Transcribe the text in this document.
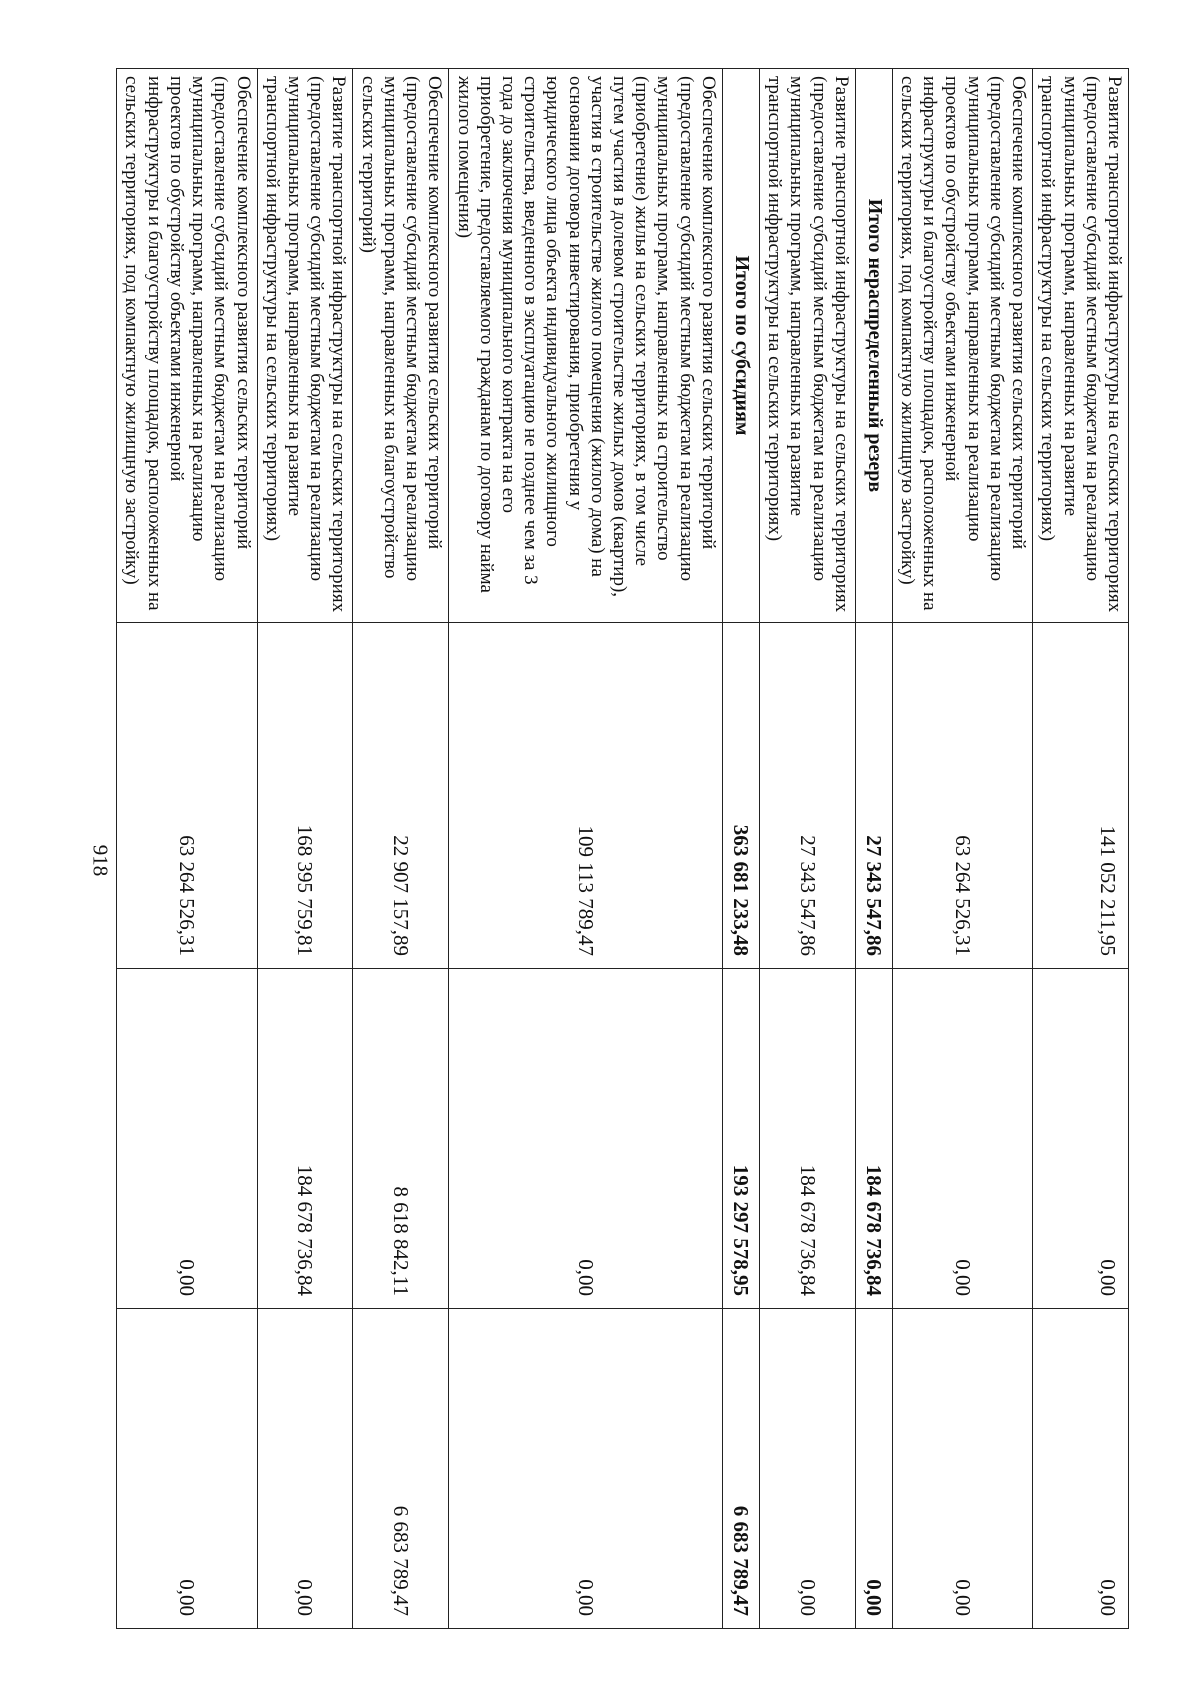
918
Развитие транспортной инфраструктуры на сельских территориях (предоставление субсидий местным бюджетам на реализацию муниципальных программ, направленных на развитие транспортной инфраструктуры на сельских территориях)	141 052 211,95	0,00	0,00
Обеспечение комплексного развития сельских территорий (предоставление субсидий местным бюджетам на реализацию муниципальных программ, направленных на реализацию проектов по обустройству объектами инженерной инфраструктуры и благоустройству площадок, расположенных на сельских территориях, под компактную жилищную застройку)	63 264 526,31	0,00	0,00
Итого нераспределенный резерв	27 343 547,86	184 678 736,84	0,00
Развитие транспортной инфраструктуры на сельских территориях (предоставление субсидий местным бюджетам на реализацию муниципальных программ, направленных на развитие транспортной инфраструктуры на сельских территориях)	27 343 547,86	184 678 736,84	0,00
Итого по субсидиям	363 681 233,48	193 297 578,95	6 683 789,47
Обеспечение комплексного развития сельских территорий (предоставление субсидий местным бюджетам на реализацию муниципальных программ, направленных на строительство (приобретение) жилья на сельских территориях, в том числе путем участия в долевом строительстве жилых домов (квартир), участия в строительстве жилого помещения (жилого дома) на основании договора инвестирования, приобретения у юридического лица объекта индивидуального жилищного строительства, введенного в эксплуатацию не позднее чем за 3 года до заключения муниципального контракта на его приобретение, предоставляемого гражданам по договору найма жилого помещения)	109 113 789,47	0,00	0,00
Обеспечение комплексного развития сельских территорий (предоставление субсидий местным бюджетам на реализацию муниципальных программ, направленных на благоустройство сельских территорий)	22 907 157,89	8 618 842,11	6 683 789,47
Развитие транспортной инфраструктуры на сельских территориях (предоставление субсидий местным бюджетам на реализацию муниципальных программ, направленных на развитие транспортной инфраструктуры на сельских территориях)	168 395 759,81	184 678 736,84	0,00
Обеспечение комплексного развития сельских территорий (предоставление субсидий местным бюджетам на реализацию муниципальных программ, направленных на реализацию проектов по обустройству объектами инженерной инфраструктуры и благоустройству площадок, расположенных на сельских территориях, под компактную жилищную застройку)	63 264 526,31	0,00	0,00
